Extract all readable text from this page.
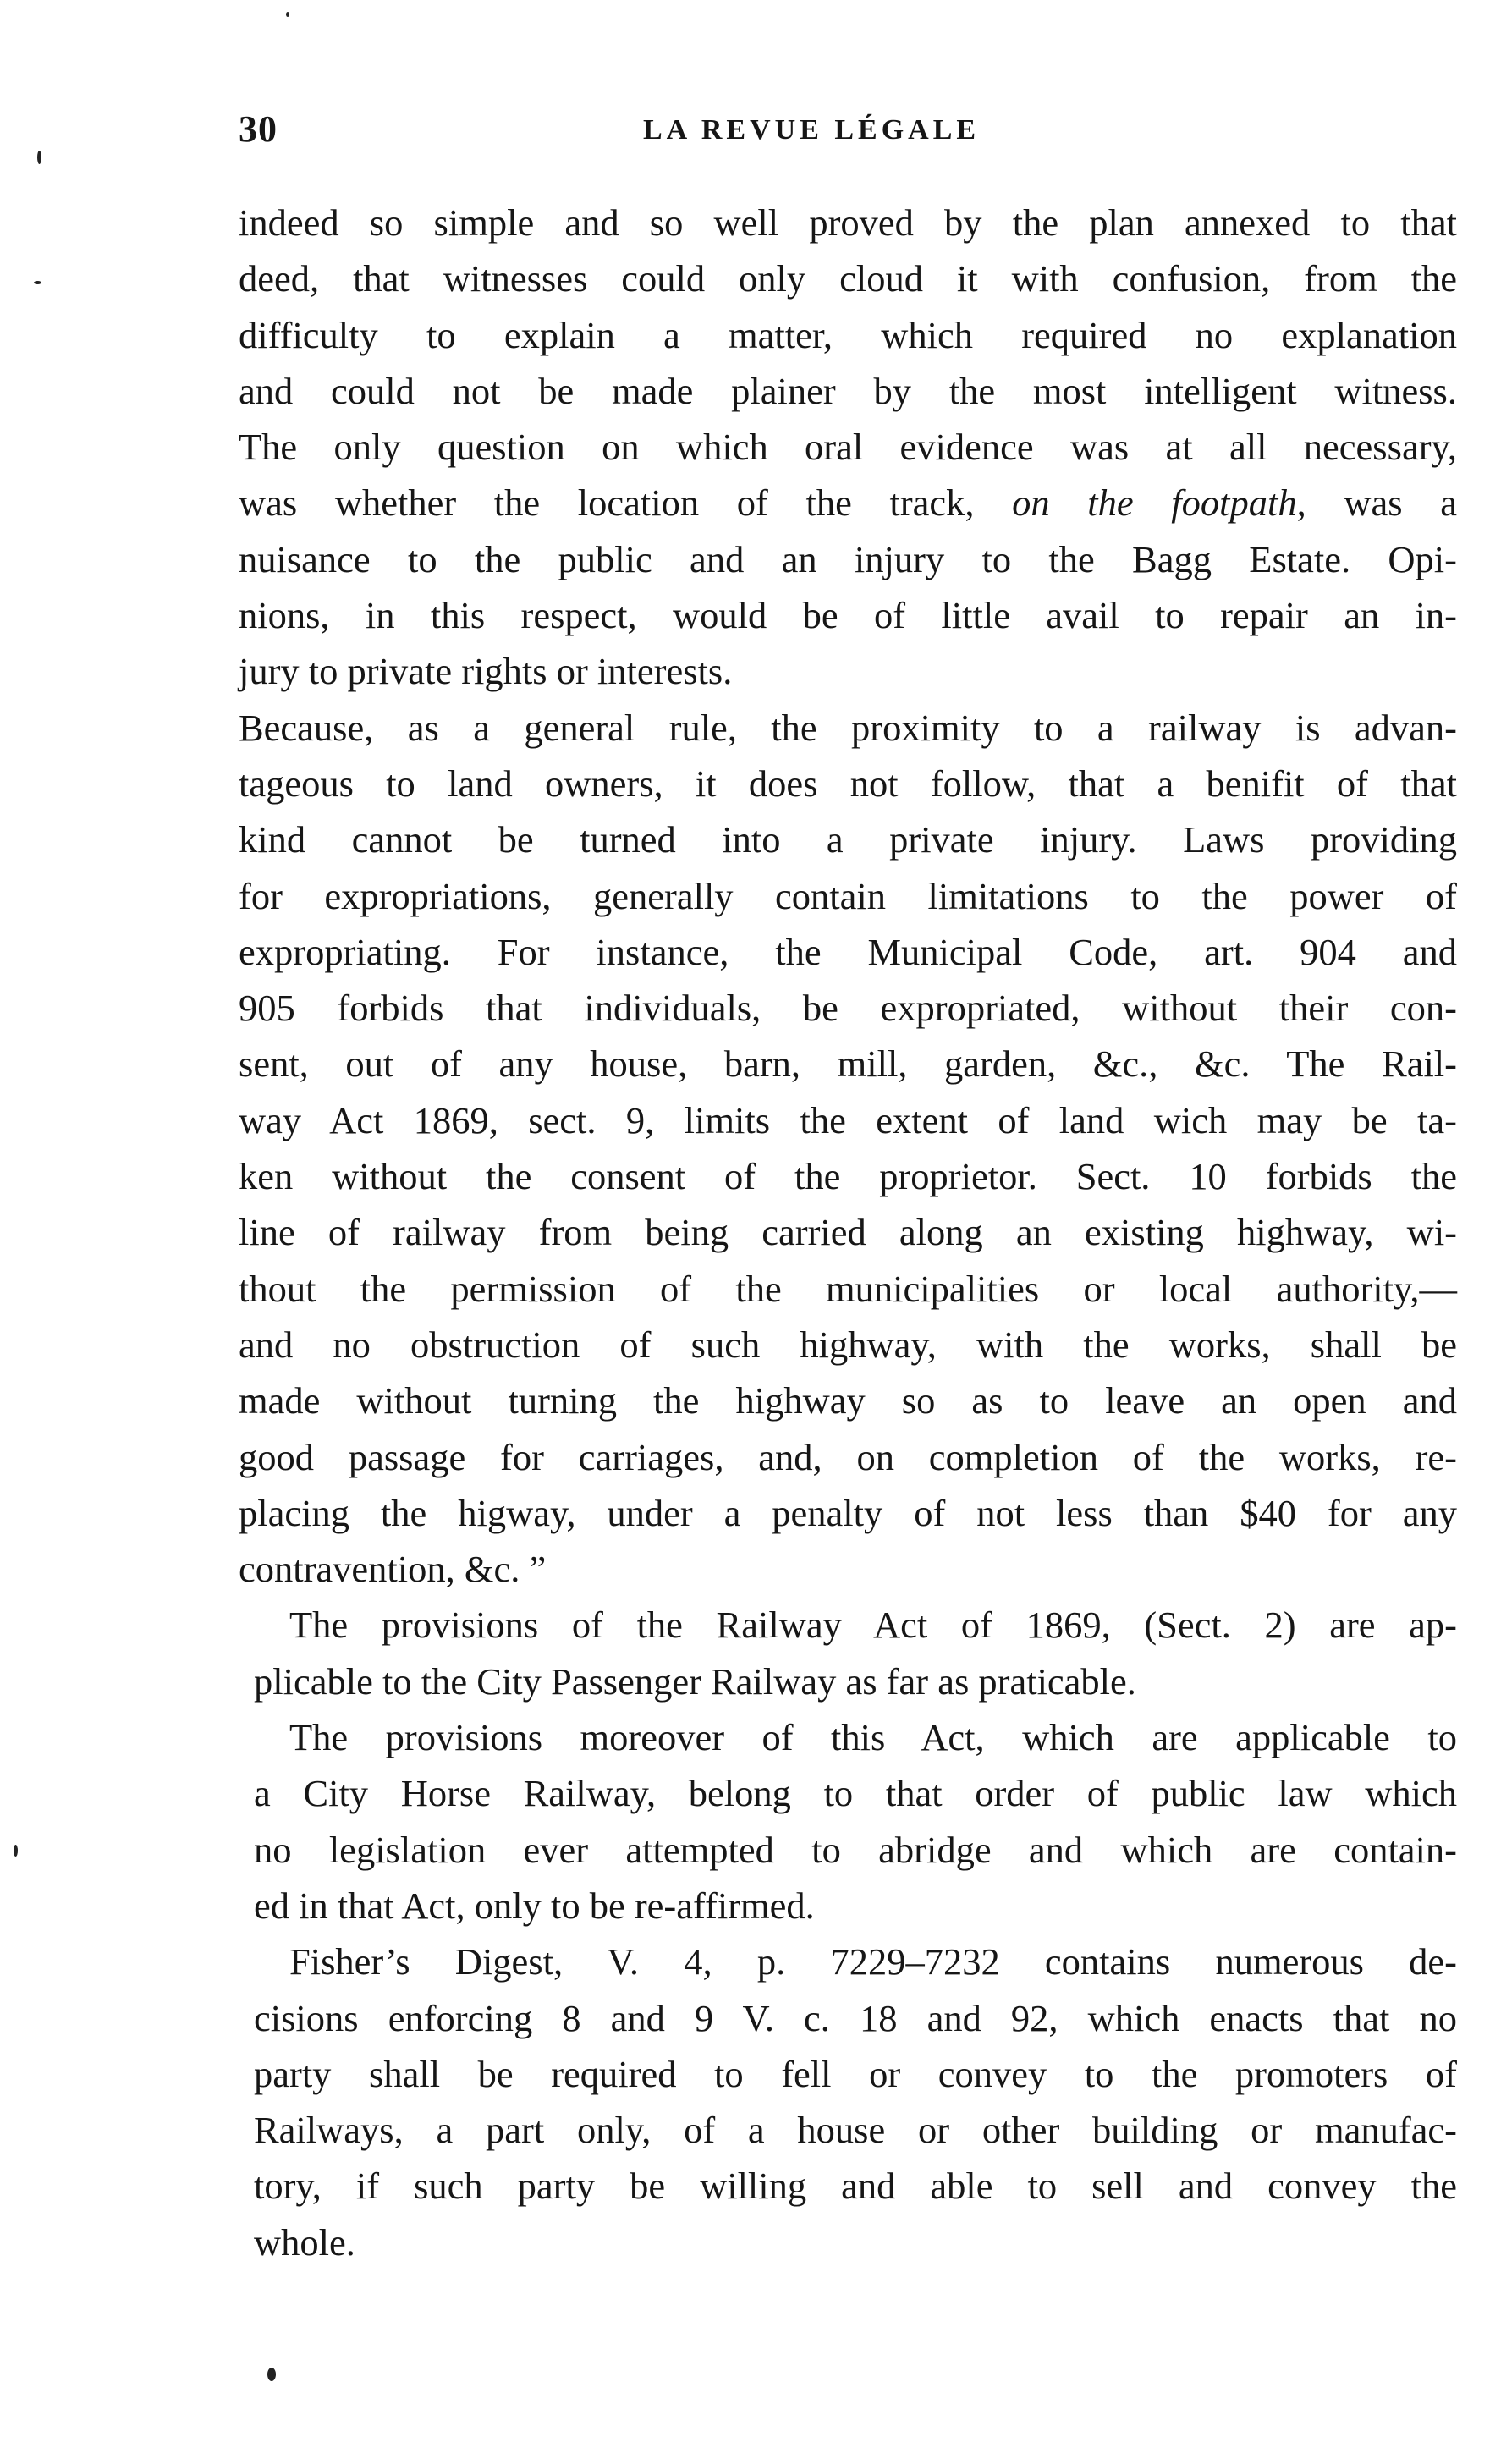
30	LA REVUE LÉGALE
indeed so simple and so well proved by the plan annexed to that
deed, that witnesses could only cloud it with confusion, from the
difficulty to explain a matter, which required no explanation
and could not be made plainer by the most intelligent witness.
The only question on which oral evidence was at all necessary,
was whether the location of the track, on the footpath, was a
nuisance to the public and an injury to the Bagg Estate. Opi-
nions, in this respect, would be of little avail to repair an in-
jury to private rights or interests.
Because, as a general rule, the proximity to a railway is advan-
tageous to land owners, it does not follow, that a benifit of that
kind cannot be turned into a private injury. Laws providing
for expropriations, generally contain limitations to the power of
expropriating. For instance, the Municipal Code, art. 904 and
905 forbids that individuals, be expropriated, without their con-
sent, out of any house, barn, mill, garden, &c., &c. The Rail-
way Act 1869, sect. 9, limits the extent of land wich may be ta-
ken without the consent of the proprietor. Sect. 10 forbids the
line of railway from being carried along an existing highway, wi-
thout the permission of the municipalities or local authority,—
and no obstruction of such highway, with the works, shall be
made without turning the highway so as to leave an open and
good passage for carriages, and, on completion of the works, re-
placing the higway, under a penalty of not less than $40 for any
contravention, &c. ”
The provisions of the Railway Act of 1869, (Sect. 2) are ap-
plicable to the City Passenger Railway as far as praticable.
The provisions moreover of this Act, which are applicable to
a City Horse Railway, belong to that order of public law which
no legislation ever attempted to abridge and which are contain-
ed in that Act, only to be re-affirmed.
Fisher’s Digest, V. 4, p. 7229–7232 contains numerous de-
cisions enforcing 8 and 9 V. c. 18 and 92, which enacts that no
party shall be required to fell or convey to the promoters of
Railways, a part only, of a house or other building or manufac-
tory, if such party be willing and able to sell and convey the
whole.
